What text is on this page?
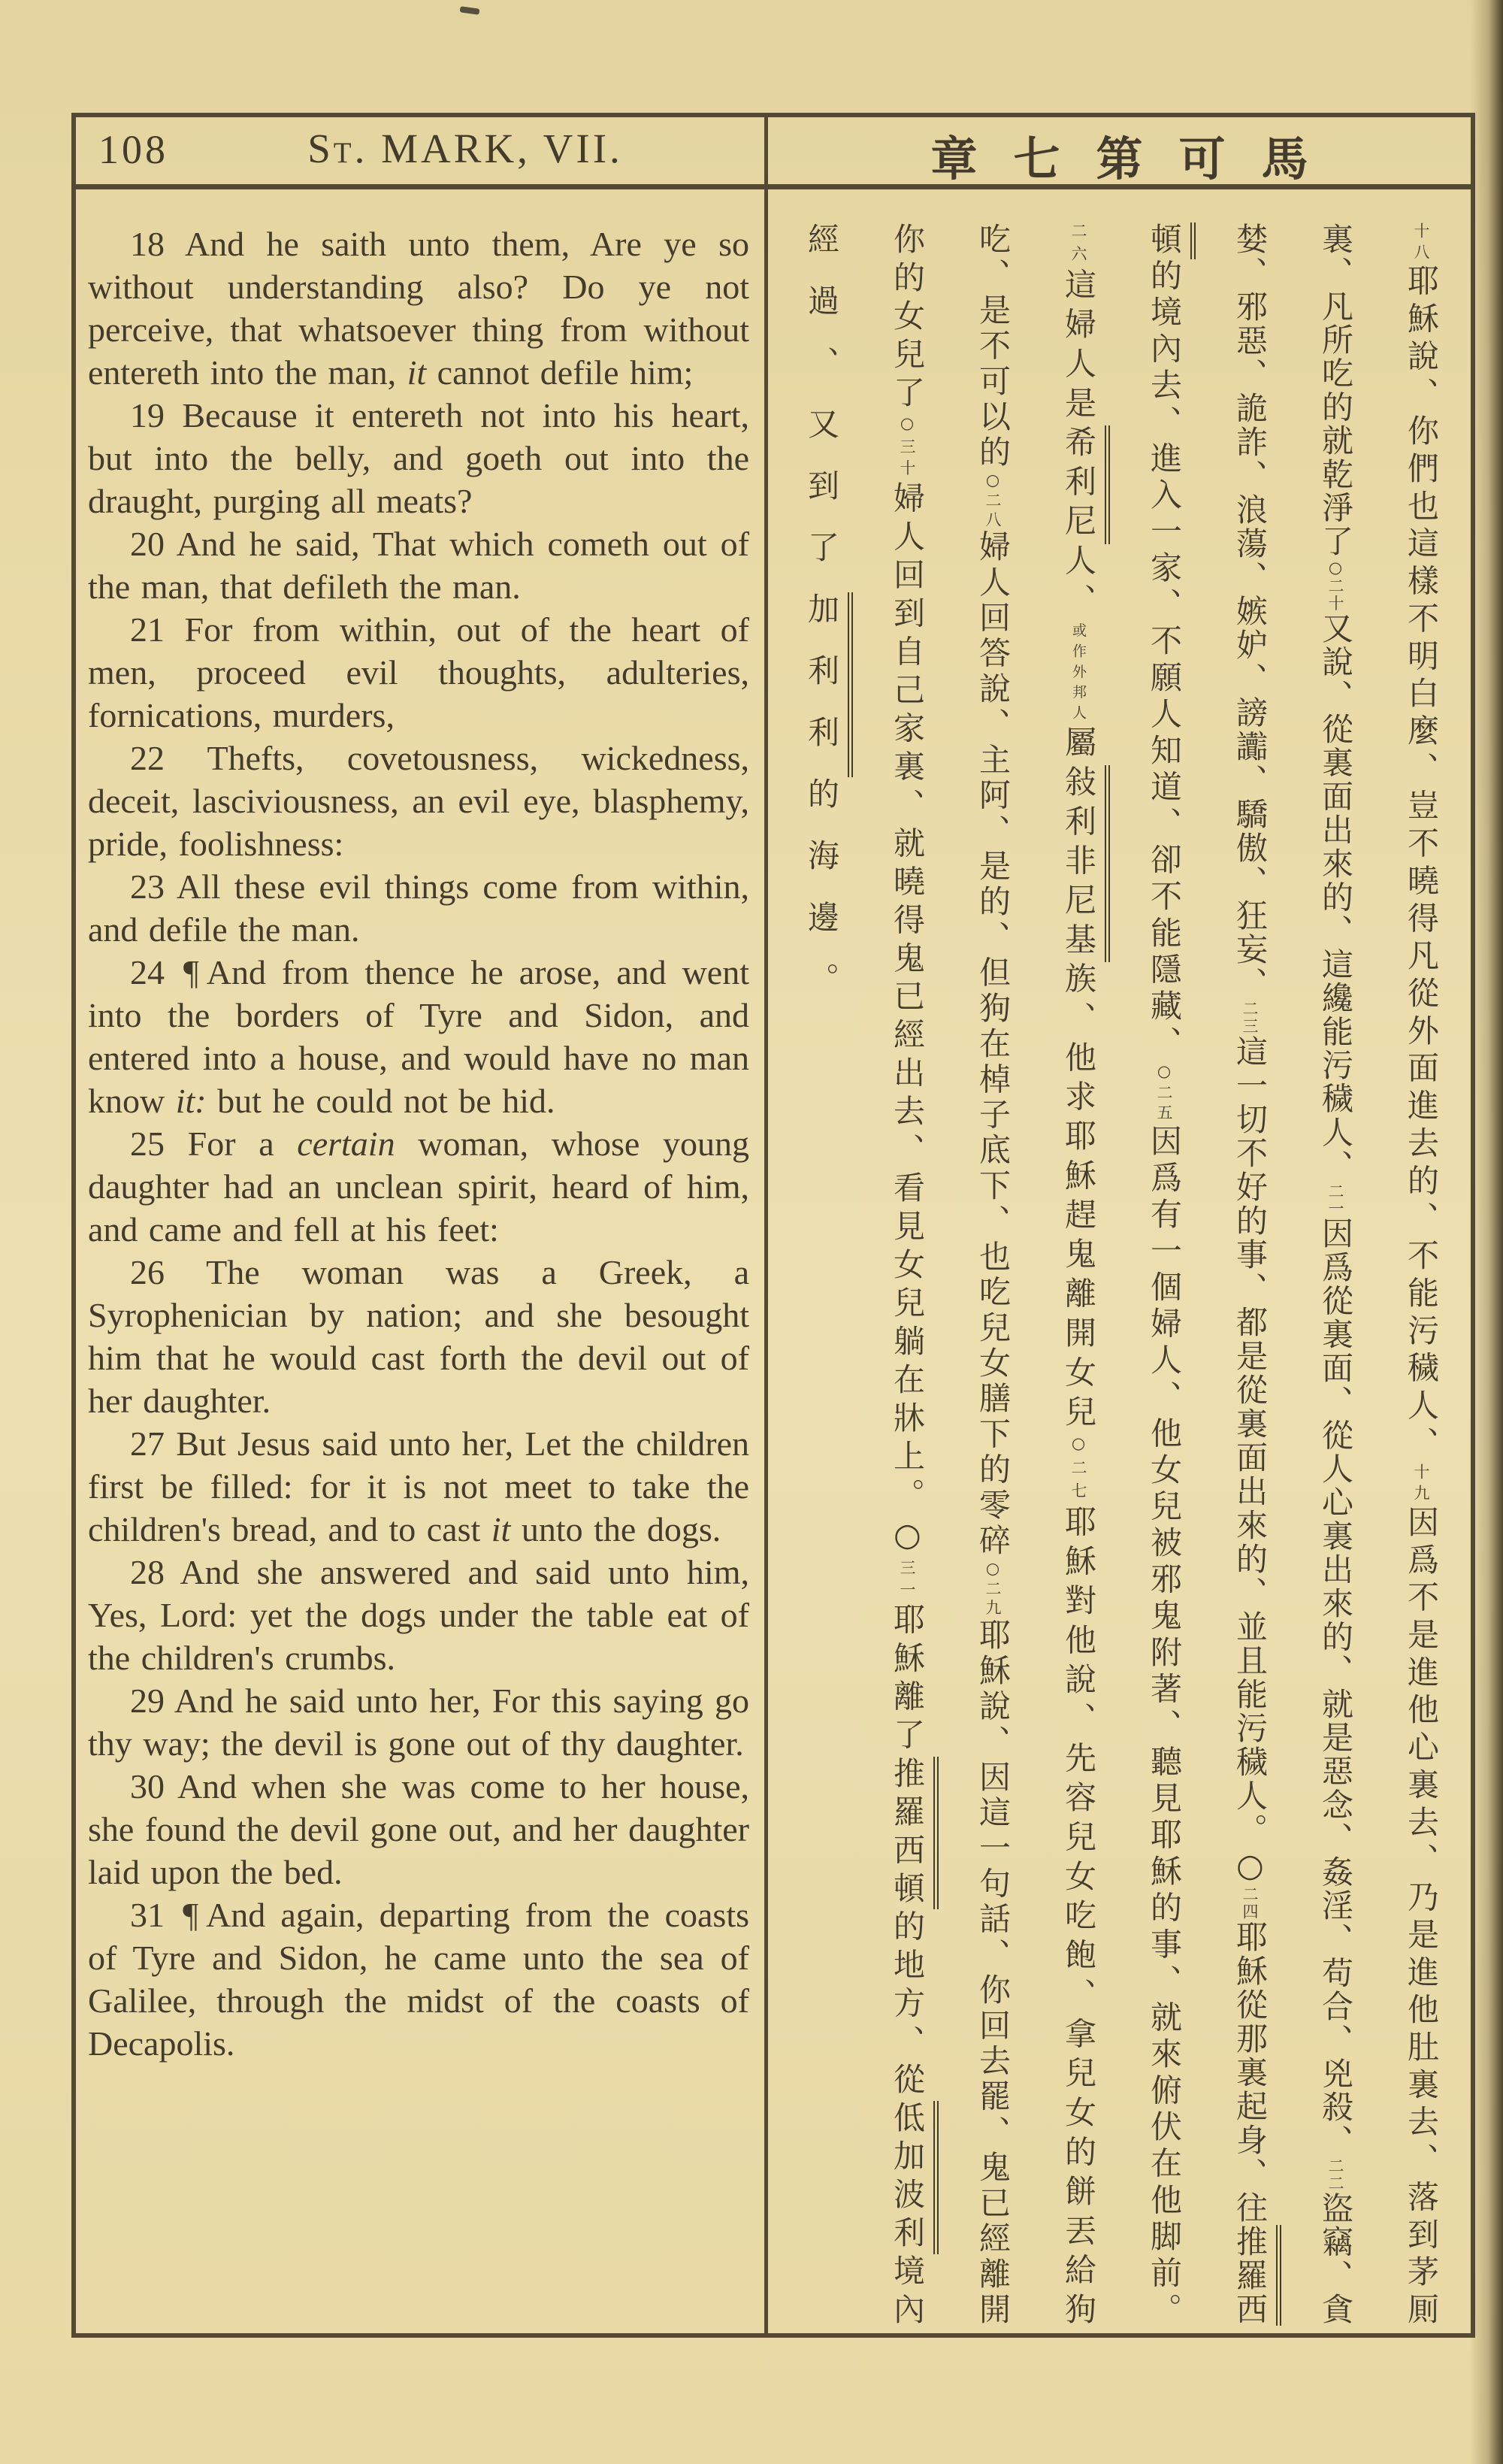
108	St. MARK, VII.	章七第可馬

18 And he saith unto them, Are ye so without understanding also? Do ye not perceive, that whatsoever thing from without entereth into the man, it cannot defile him;

19 Because it entereth not into his heart, but into the belly, and goeth out into the draught, purging all meats?

20 And he said, That which cometh out of the man, that defileth the man.

21 For from within, out of the heart of men, proceed evil thoughts, adulteries, fornications, murders,

22 Thefts, covetousness, wickedness, deceit, lasciviousness, an evil eye, blasphemy, pride, foolishness:

23 All these evil things come from within, and defile the man.

24 ¶ And from thence he arose, and went into the borders of Tyre and Sidon, and entered into a house, and would have no man know it: but he could not be hid.

25 For a certain woman, whose young daughter had an unclean spirit, heard of him, and came and fell at his feet:

26 The woman was a Greek, a Syrophenician by nation; and she besought him that he would cast forth the devil out of her daughter.

27 But Jesus said unto her, Let the children first be filled: for it is not meet to take the children's bread, and to cast it unto the dogs.

28 And she answered and said unto him, Yes, Lord: yet the dogs under the table eat of the children's crumbs.

29 And he said unto her, For this saying go thy way; the devil is gone out of thy daughter.

30 And when she was come to her house, she found the devil gone out, and her daughter laid upon the bed.

31 ¶ And again, departing from the coasts of Tyre and Sidon, he came unto the sea of Galilee, through the midst of the coasts of Decapolis.

十八耶穌說、你們也這樣不明白麼、豈不曉得凡從外面進去的、不能污穢人、十九因爲不是進他心裏去、乃是進他肚裏去、落到茅厠
裏、凡所吃的就乾淨了○二十又說、從裏面出來的、這纔能污穢人、二一因爲從裏面、從人心裏出來的、就是惡念、姦淫、苟合、兇殺、二二盜竊、貪
婪、邪惡、詭詐、浪蕩、嫉妒、謗讟、驕傲、狂妄、二三這一切不好的事、都是從裏面出來的、並且能污穢人。○二四耶穌從那裏起身、往推羅西
頓的境內去、進入一家、不願人知道、卻不能隱藏、○二五因爲有一個婦人、他女兒被邪鬼附著、聽見耶穌的事、就來俯伏在他脚前。
二六這婦人是希利尼人、或作外邦人屬敍利非尼基族、他求耶穌趕鬼離開女兒○二七耶穌對他說、先容兒女吃飽、拿兒女的餅丟給狗
吃、是不可以的○二八婦人回答說、主阿、是的、但狗在棹子底下、也吃兒女膳下的零碎○二九耶穌說、因這一句話、你回去罷、鬼已經離開
你的女兒了○三十婦人回到自己家裏、就曉得鬼已經出去、看見女兒躺在牀上。○三一耶穌離了推羅西頓的地方、從低加波利境內
經過、又到了加利利的海邊。
